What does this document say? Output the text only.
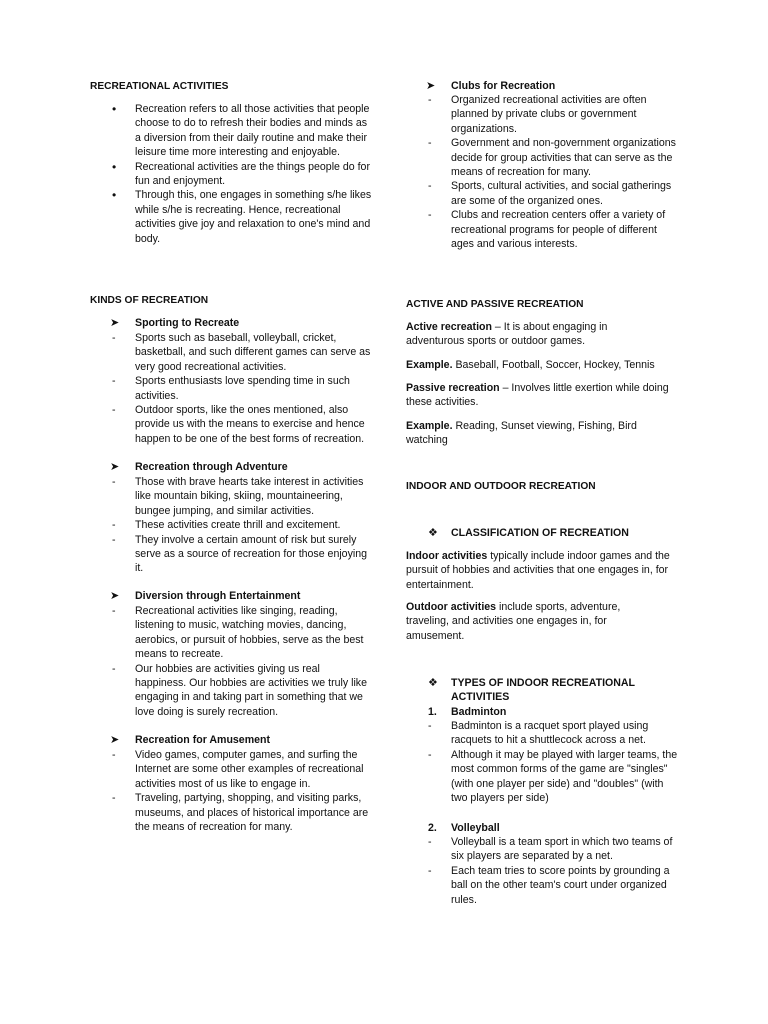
RECREATIONAL ACTIVITIES
• Recreation refers to all those activities that people choose to do to refresh their bodies and minds as a diversion from their daily routine and make their leisure time more interesting and enjoyable.
• Recreational activities are the things people do for fun and enjoyment.
• Through this, one engages in something s/he likes while s/he is recreating. Hence, recreational activities give joy and relaxation to one's mind and body.
KINDS OF RECREATION
➤ Sporting to Recreate
- Sports such as baseball, volleyball, cricket, basketball, and such different games can serve as very good recreational activities.
- Sports enthusiasts love spending time in such activities.
- Outdoor sports, like the ones mentioned, also provide us with the means to exercise and hence happen to be one of the best forms of recreation.
➤ Recreation through Adventure
- Those with brave hearts take interest in activities like mountain biking, skiing, mountaineering, bungee jumping, and similar activities.
- These activities create thrill and excitement.
- They involve a certain amount of risk but surely serve as a source of recreation for those enjoying it.
➤ Diversion through Entertainment
- Recreational activities like singing, reading, listening to music, watching movies, dancing, aerobics, or pursuit of hobbies, serve as the best means to recreate.
- Our hobbies are activities giving us real happiness. Our hobbies are activities we truly like engaging in and taking part in something that we love doing is surely recreation.
➤ Recreation for Amusement
- Video games, computer games, and surfing the Internet are some other examples of recreational activities most of us like to engage in.
- Traveling, partying, shopping, and visiting parks, museums, and places of historical importance are the means of recreation for many.
➤ Clubs for Recreation
- Organized recreational activities are often planned by private clubs or government organizations.
- Government and non-government organizations decide for group activities that can serve as the means of recreation for many.
- Sports, cultural activities, and social gatherings are some of the organized ones.
- Clubs and recreation centers offer a variety of recreational programs for people of different ages and various interests.
ACTIVE AND PASSIVE RECREATION
Active recreation – It is about engaging in adventurous sports or outdoor games.
Example. Baseball, Football, Soccer, Hockey, Tennis
Passive recreation – Involves little exertion while doing these activities.
Example. Reading, Sunset viewing, Fishing, Bird watching
INDOOR AND OUTDOOR RECREATION
❖ CLASSIFICATION OF RECREATION
Indoor activities typically include indoor games and the pursuit of hobbies and activities that one engages in, for entertainment.
Outdoor activities include sports, adventure, traveling, and activities one engages in, for amusement.
❖ TYPES OF INDOOR RECREATIONAL ACTIVITIES
1. Badminton
- Badminton is a racquet sport played using racquets to hit a shuttlecock across a net.
- Although it may be played with larger teams, the most common forms of the game are "singles" (with one player per side) and "doubles" (with two players per side)
2. Volleyball
- Volleyball is a team sport in which two teams of six players are separated by a net.
- Each team tries to score points by grounding a ball on the other team's court under organized rules.
